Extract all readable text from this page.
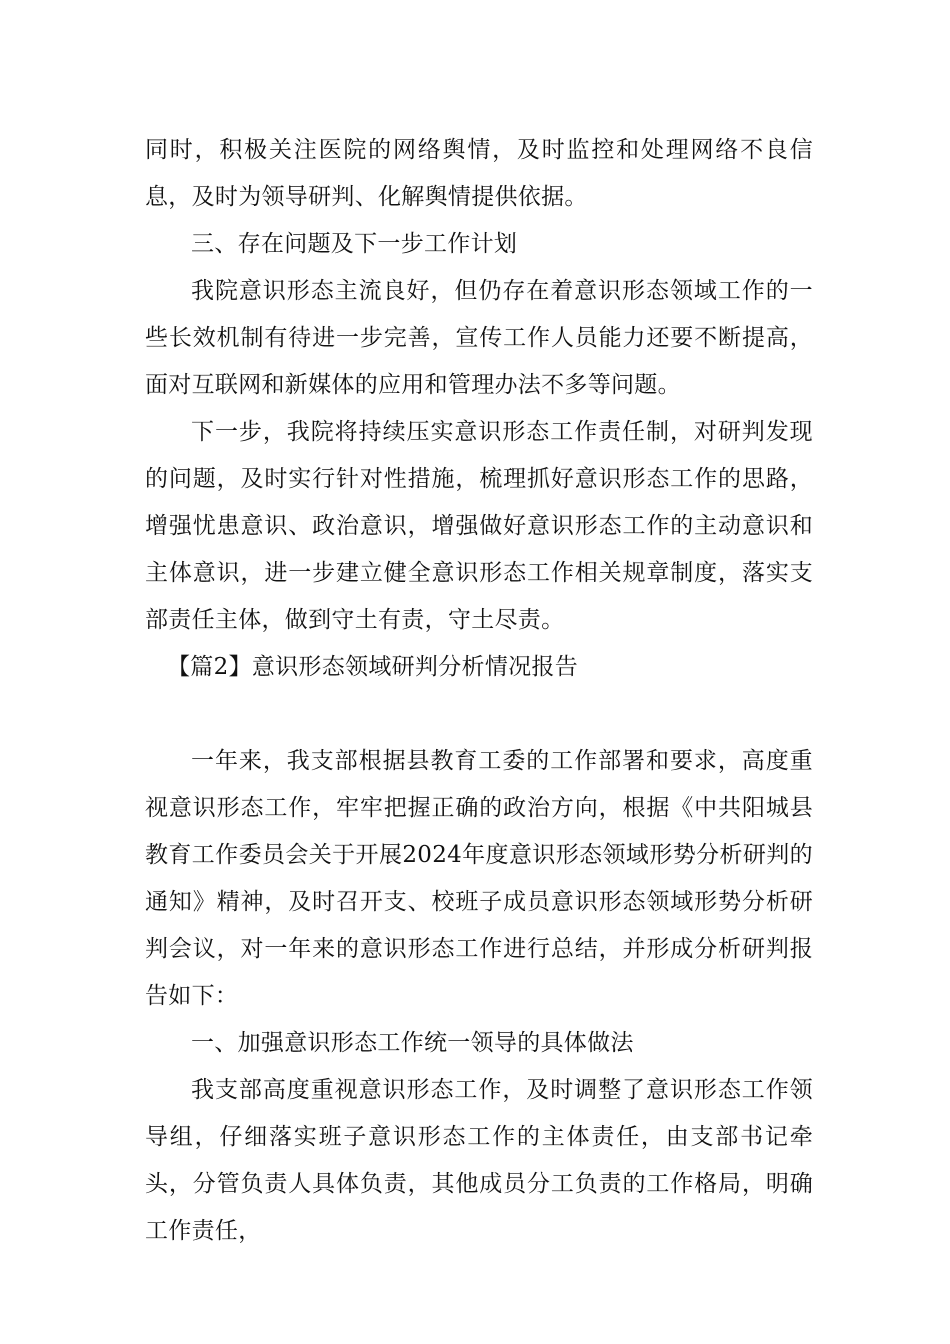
同时，积极关注医院的网络舆情，及时监控和处理网络不良信息，及时为领导研判、化解舆情提供依据。

三、存在问题及下一步工作计划

我院意识形态主流良好，但仍存在着意识形态领域工作的一些长效机制有待进一步完善，宣传工作人员能力还要不断提高，面对互联网和新媒体的应用和管理办法不多等问题。

下一步，我院将持续压实意识形态工作责任制，对研判发现的问题，及时实行针对性措施，梳理抓好意识形态工作的思路，增强忧患意识、政治意识，增强做好意识形态工作的主动意识和主体意识，进一步建立健全意识形态工作相关规章制度，落实支部责任主体，做到守土有责，守土尽责。

【篇2】意识形态领域研判分析情况报告

一年来，我支部根据县教育工委的工作部署和要求，高度重视意识形态工作，牢牢把握正确的政治方向，根据《中共阳城县教育工作委员会关于开展2024年度意识形态领域形势分析研判的通知》精神，及时召开支、校班子成员意识形态领域形势分析研判会议，对一年来的意识形态工作进行总结，并形成分析研判报告如下：

一、加强意识形态工作统一领导的具体做法

我支部高度重视意识形态工作，及时调整了意识形态工作领导组，仔细落实班子意识形态工作的主体责任，由支部书记牵头，分管负责人具体负责，其他成员分工负责的工作格局，明确工作责任，
